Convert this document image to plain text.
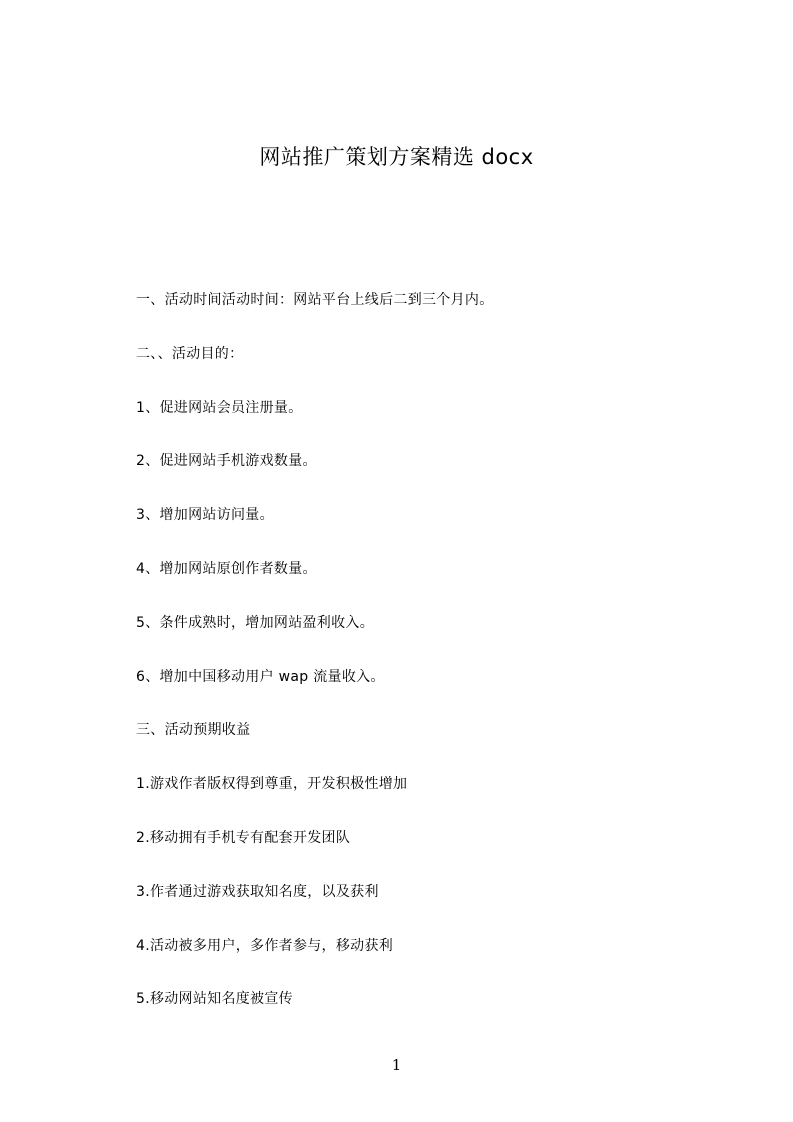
网站推广策划方案精选 docx
一、活动时间活动时间：网站平台上线后二到三个月内。
二、、活动目的：
1、促进网站会员注册量。
2、促进网站手机游戏数量。
3、增加网站访问量。
4、增加网站原创作者数量。
5、条件成熟时，增加网站盈利收入。
6、增加中国移动用户 wap 流量收入。
三、活动预期收益
1.游戏作者版权得到尊重，开发积极性增加
2.移动拥有手机专有配套开发团队
3.作者通过游戏获取知名度，以及获利
4.活动被多用户，多作者参与，移动获利
5.移动网站知名度被宣传
1
